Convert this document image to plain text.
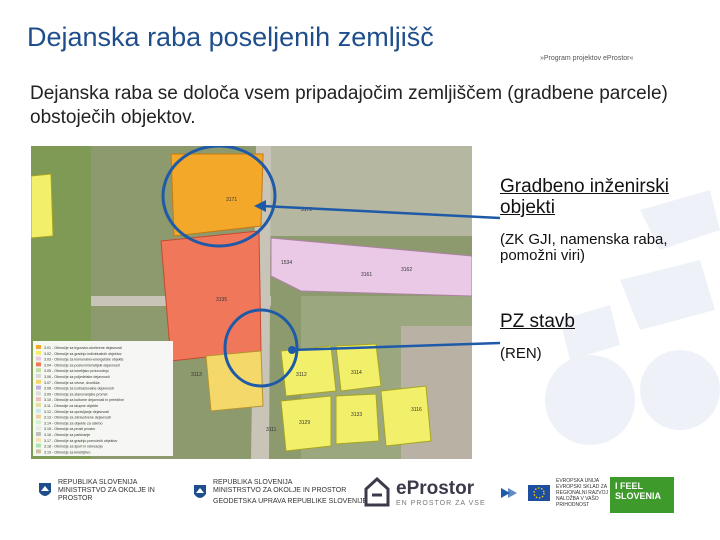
Dejanska raba poseljenih zemljišč
»Program projektov eProstor«
Dejanska raba se določa vsem pripadajočim zemljiščem (gradbene parcele) obstoječih objektov.
3.01 - Območje za trgovsko-storitvene dejavnosti
3.02 - Območje za gradnjo individualnih objektov
3.03 - Območje za komunalno-energetske objekte
3.04 - Območje za poslovni kmetijski dejavnosti
3.05 - Območje za kmetijsko proizvodnjo
3.06 - Območje za poljedelske dejavnosti
3.07 - Območje za vrtove, dvorišča
3.08 - Območje za izobraževalne dejavnosti
3.09 - Območje za stanovanjske promet
3.10 - Območje za kulturne dejavnosti in prireditve
3.11 - Območje za skupne objekte
3.12 - Območje za opravljanje dejavnosti
3.13 - Območje za zdravstvene dejavnosti
3.14 - Območje za objekte za oskrbo
3.15 - Območje za prosti prostor
3.16 - Območje za parkiranje
3.17 - Območje za gradnjo pomožnih objektov
3.18 - Območje za šport in rekreacijo
3.19 - Območje za kmetijstvo
3171
3172
1534
3135
3161
3162
3113	3112
3111
3114
3116
3133
3129
Gradbeno inženirski objekti
(ZK GJI, namenska raba, pomožni viri)
PZ stavb
(REN)
REPUBLIKA SLOVENIJA MINISTRSTVO ZA OKOLJE IN PROSTOR
REPUBLIKA SLOVENIJA
MINISTRSTVO ZA OKOLJE IN PROSTOR
GEODETSKA UPRAVA REPUBLIKE SLOVENIJE
eProstor
EN PROSTOR ZA VSE
EVROPSKA UNIJA EVROPSKI SKLAD ZA REGIONALNI RAZVOJ NALOŽBA V VAŠO PRIHODNOST
I FEEL
SLOVENIA
